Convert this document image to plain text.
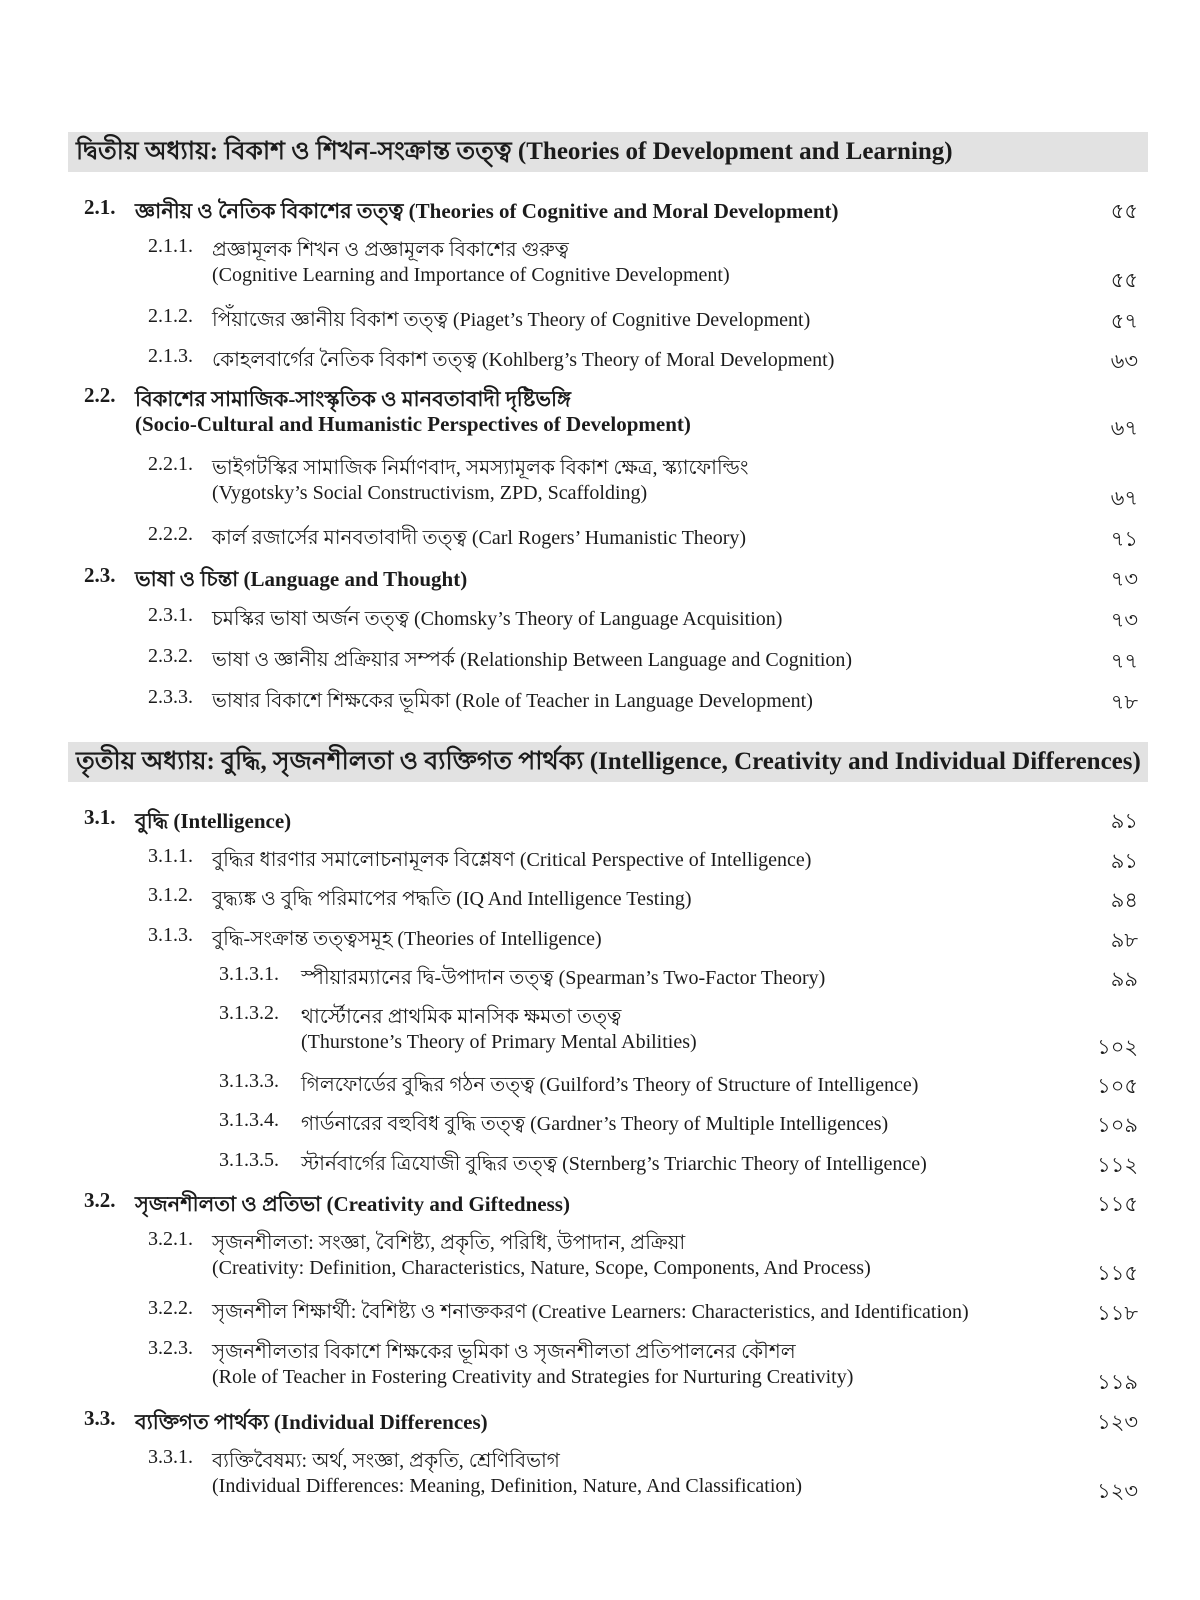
দ্বিতীয় অধ্যায়: বিকাশ ও শিখন-সংক্রান্ত তত্ত্ব (Theories of Development and Learning)
2.1. জ্ঞানীয় ও নৈতিক বিকাশের তত্ত্ব (Theories of Cognitive and Moral Development)	৫৫
2.1.1. প্রজ্ঞামূলক শিখন ও প্রজ্ঞামূলক বিকাশের গুরুত্ব
(Cognitive Learning and Importance of Cognitive Development)	৫৫
2.1.2. পিঁয়াজের জ্ঞানীয় বিকাশ তত্ত্ব (Piaget’s Theory of Cognitive Development)	৫৭
2.1.3. কোহলবার্গের নৈতিক বিকাশ তত্ত্ব (Kohlberg’s Theory of Moral Development)	৬৩
2.2. বিকাশের সামাজিক-সাংস্কৃতিক ও মানবতাবাদী দৃষ্টিভঙ্গি
(Socio-Cultural and Humanistic Perspectives of Development)	৬৭
2.2.1. ভাইগটস্কির সামাজিক নির্মাণবাদ, সমস্যামূলক বিকাশ ক্ষেত্র, স্ক্যাফোল্ডিং
(Vygotsky’s Social Constructivism, ZPD, Scaffolding)	৬৭
2.2.2. কার্ল রজার্সের মানবতাবাদী তত্ত্ব (Carl Rogers’ Humanistic Theory)	৭১
2.3. ভাষা ও চিন্তা (Language and Thought)	৭৩
2.3.1. চমস্কির ভাষা অর্জন তত্ত্ব (Chomsky’s Theory of Language Acquisition)	৭৩
2.3.2. ভাষা ও জ্ঞানীয় প্রক্রিয়ার সম্পর্ক (Relationship Between Language and Cognition)	৭৭
2.3.3. ভাষার বিকাশে শিক্ষকের ভূমিকা (Role of Teacher in Language Development)	৭৮
তৃতীয় অধ্যায়: বুদ্ধি, সৃজনশীলতা ও ব্যক্তিগত পার্থক্য (Intelligence, Creativity and Individual Differences)
3.1. বুদ্ধি (Intelligence)	৯১
3.1.1. বুদ্ধির ধারণার সমালোচনামূলক বিশ্লেষণ (Critical Perspective of Intelligence)	৯১
3.1.2. বুদ্ধ্যঙ্ক ও বুদ্ধি পরিমাপের পদ্ধতি (IQ And Intelligence Testing)	৯৪
3.1.3. বুদ্ধি-সংক্রান্ত তত্ত্বসমূহ (Theories of Intelligence)	৯৮
3.1.3.1. স্পীয়ারম্যানের দ্বি-উপাদান তত্ত্ব (Spearman’s Two-Factor Theory)	৯৯
3.1.3.2. থার্স্টোনের প্রাথমিক মানসিক ক্ষমতা তত্ত্ব
(Thurstone’s Theory of Primary Mental Abilities)	১০২
3.1.3.3. গিলফোর্ডের বুদ্ধির গঠন তত্ত্ব (Guilford’s Theory of Structure of Intelligence)	১০৫
3.1.3.4. গার্ডনারের বহুবিধ বুদ্ধি তত্ত্ব (Gardner’s Theory of Multiple Intelligences)	১০৯
3.1.3.5. স্টার্নবার্গের ত্রিযোজী বুদ্ধির তত্ত্ব (Sternberg’s Triarchic Theory of Intelligence)	১১২
3.2. সৃজনশীলতা ও প্রতিভা (Creativity and Giftedness)	১১৫
3.2.1. সৃজনশীলতা: সংজ্ঞা, বৈশিষ্ট্য, প্রকৃতি, পরিধি, উপাদান, প্রক্রিয়া
(Creativity: Definition, Characteristics, Nature, Scope, Components, And Process)	১১৫
3.2.2. সৃজনশীল শিক্ষার্থী: বৈশিষ্ট্য ও শনাক্তকরণ (Creative Learners: Characteristics, and Identification)	১১৮
3.2.3. সৃজনশীলতার বিকাশে শিক্ষকের ভূমিকা ও সৃজনশীলতা প্রতিপালনের কৌশল
(Role of Teacher in Fostering Creativity and Strategies for Nurturing Creativity)	১১৯
3.3. ব্যক্তিগত পার্থক্য (Individual Differences)	১২৩
3.3.1. ব্যক্তিবৈষম্য: অর্থ, সংজ্ঞা, প্রকৃতি, শ্রেণিবিভাগ
(Individual Differences: Meaning, Definition, Nature, And Classification)	১২৩
